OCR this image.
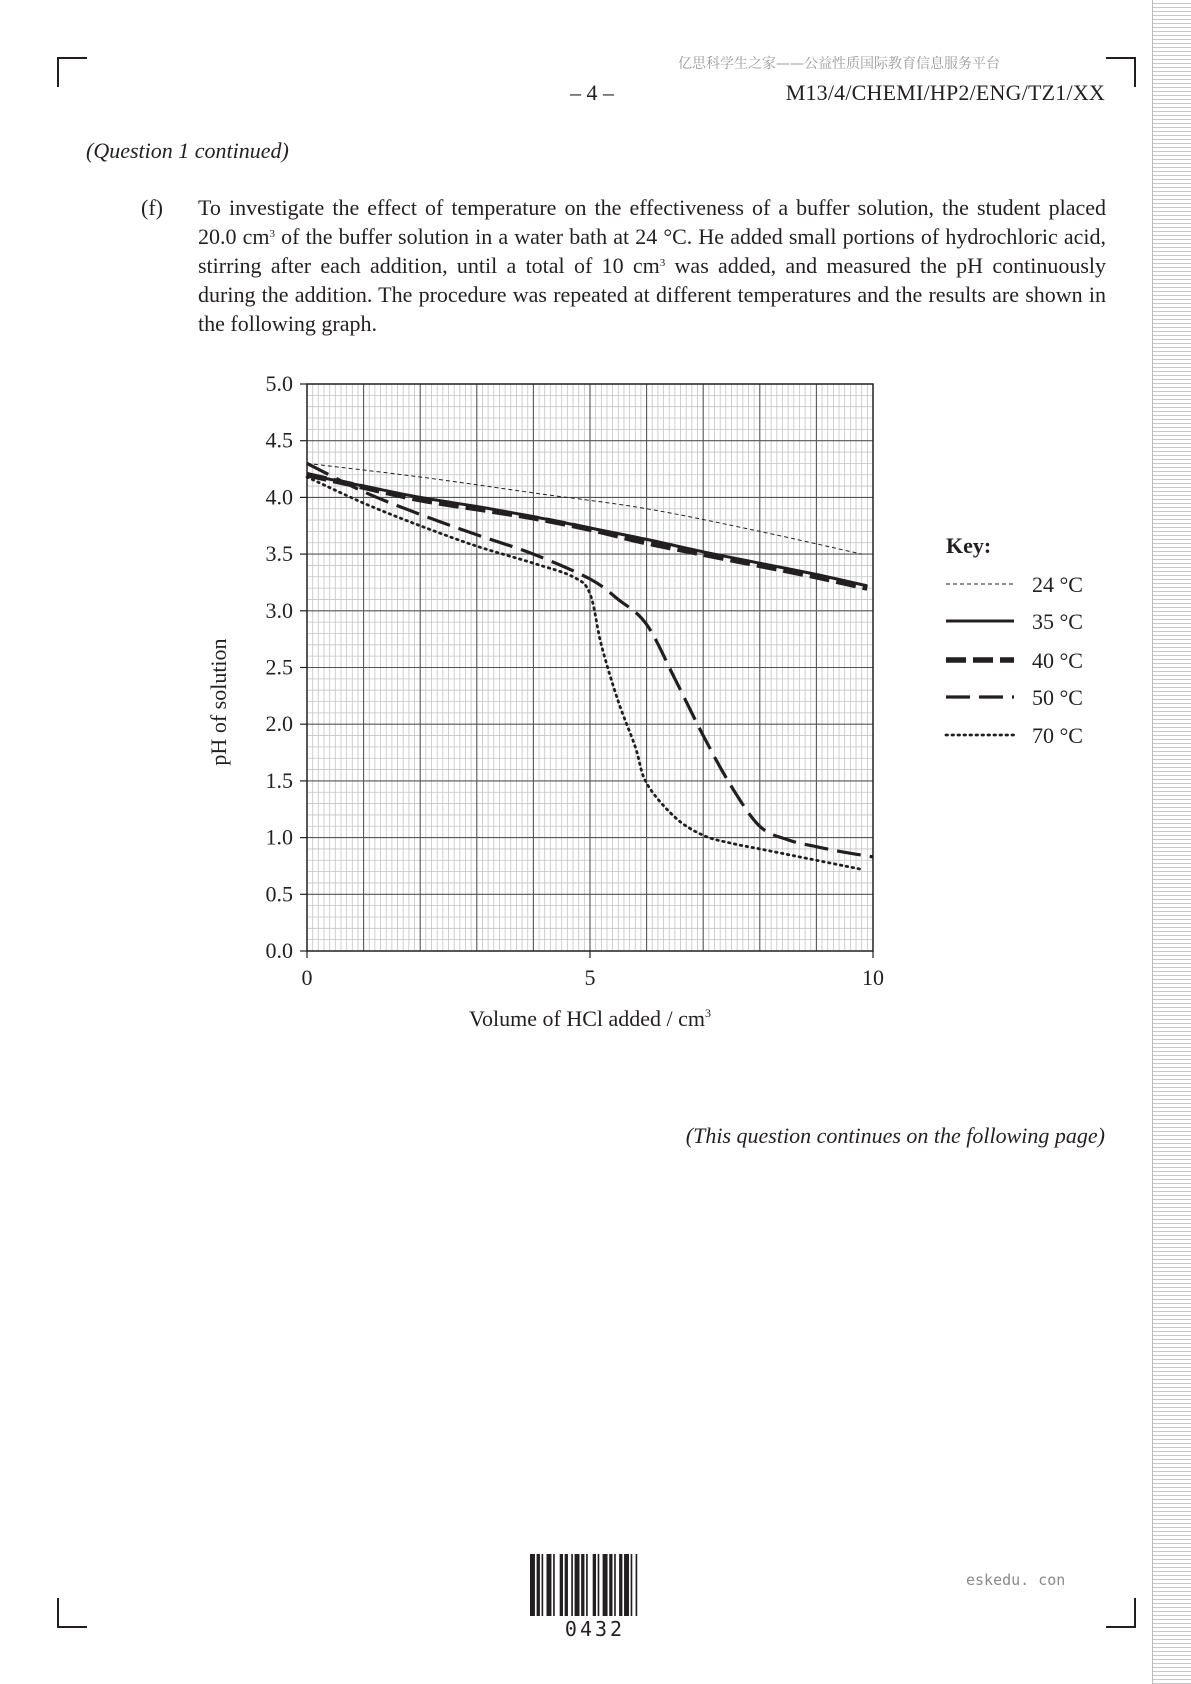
亿思科学生之家——公益性质国际教育信息服务平台
– 4 –	M13/4/CHEMI/HP2/ENG/TZ1/XX
(Question 1 continued)
(f) To investigate the effect of temperature on the effectiveness of a buffer solution, the student placed 20.0 $cm^3$ of the buffer solution in a water bath at 24 °C. He added small portions of hydrochloric acid, stirring after each addition, until a total of 10 $cm^3$ was added, and measured the pH continuously during the addition. The procedure was repeated at different temperatures and the results are shown in the following graph.

0.0
0.5
1.0
1.5
2.0
2.5
3.0
3.5
4.0
4.5
5.0
0	5	10
pH of solution
Volume of HCl added / $cm^3$
Key:
24 °C
35 °C
40 °C
50 °C
70 °C
(This question continues on the following page)
0432
eskedu. con
